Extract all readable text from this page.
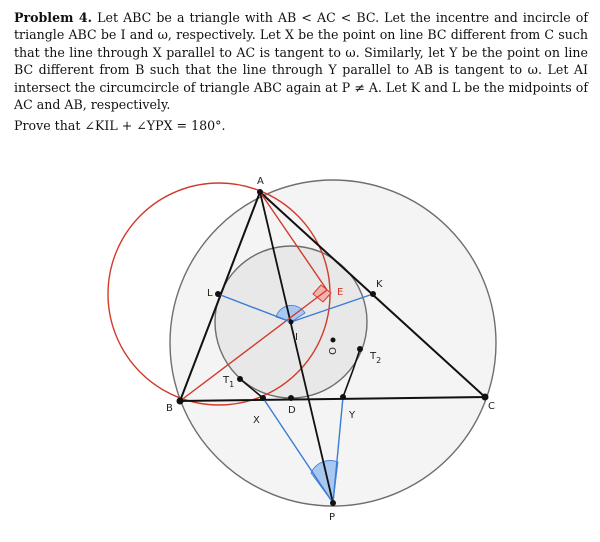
Problem 4. Let ABC be a triangle with AB < AC < BC. Let the incentre and incircle of triangle ABC be I and ω, respectively. Let X be the point on line BC different from C such that the line through X parallel to AC is tangent to ω. Similarly, let Y be the point on line BC different from B such that the line through Y parallel to AB is tangent to ω. Let AI intersect the circumcircle of triangle ABC again at P ≠ A. Let K and L be the midpoints of AC and AB, respectively.

Prove that ∠KIL + ∠YPX = 180°.

A
B	C
K
L	E
I
O
$T_1$
$T_2$
X
D	Y
P
